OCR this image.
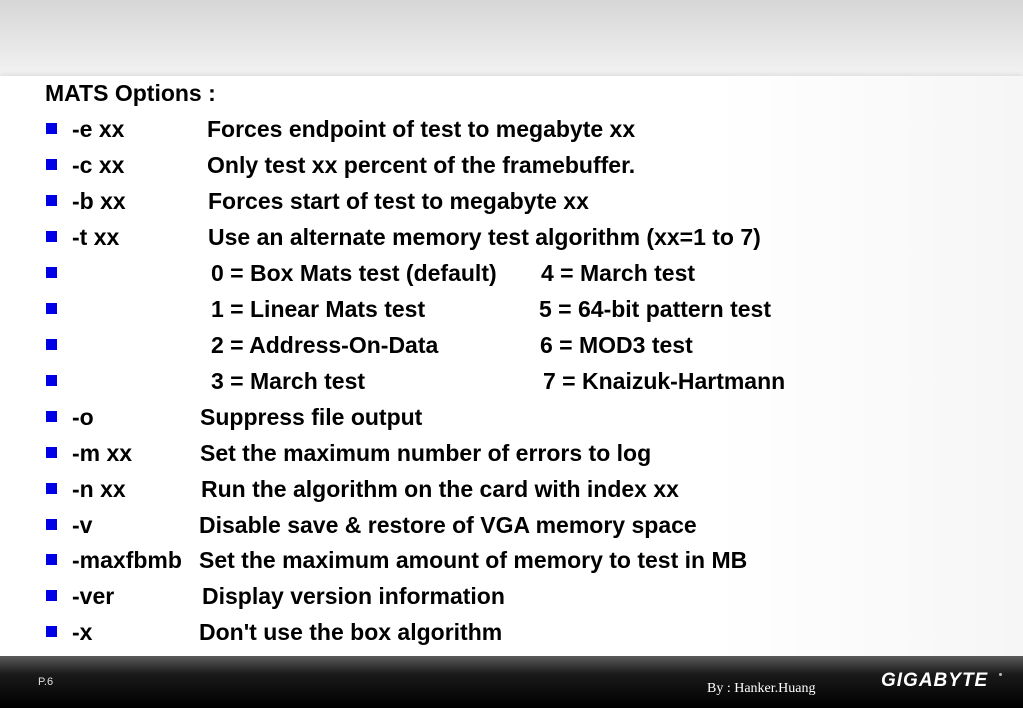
MATS Options :
-e xx	Forces endpoint of test to megabyte xx
-c xx	Only test xx percent of the framebuffer.
-b xx	Forces start of test to megabyte xx
-t xx	Use an alternate memory test algorithm (xx=1 to 7)
0 = Box Mats test (default) 4 = March test
1 = Linear Mats test	5 = 64-bit pattern test
2 = Address-On-Data	6 = MOD3 test
3 = March test	7 = Knaizuk-Hartmann
-o	Suppress file output
-m xx	Set the maximum number of errors to log
-n xx	Run the algorithm on the card with index xx
-v	Disable save & restore of VGA memory space
-maxfbmb Set the maximum amount of memory to test in MB
-ver	Display version information
-x	Don't use the box algorithm
P.6	By : Hanker.Huang	GIGABYTE
